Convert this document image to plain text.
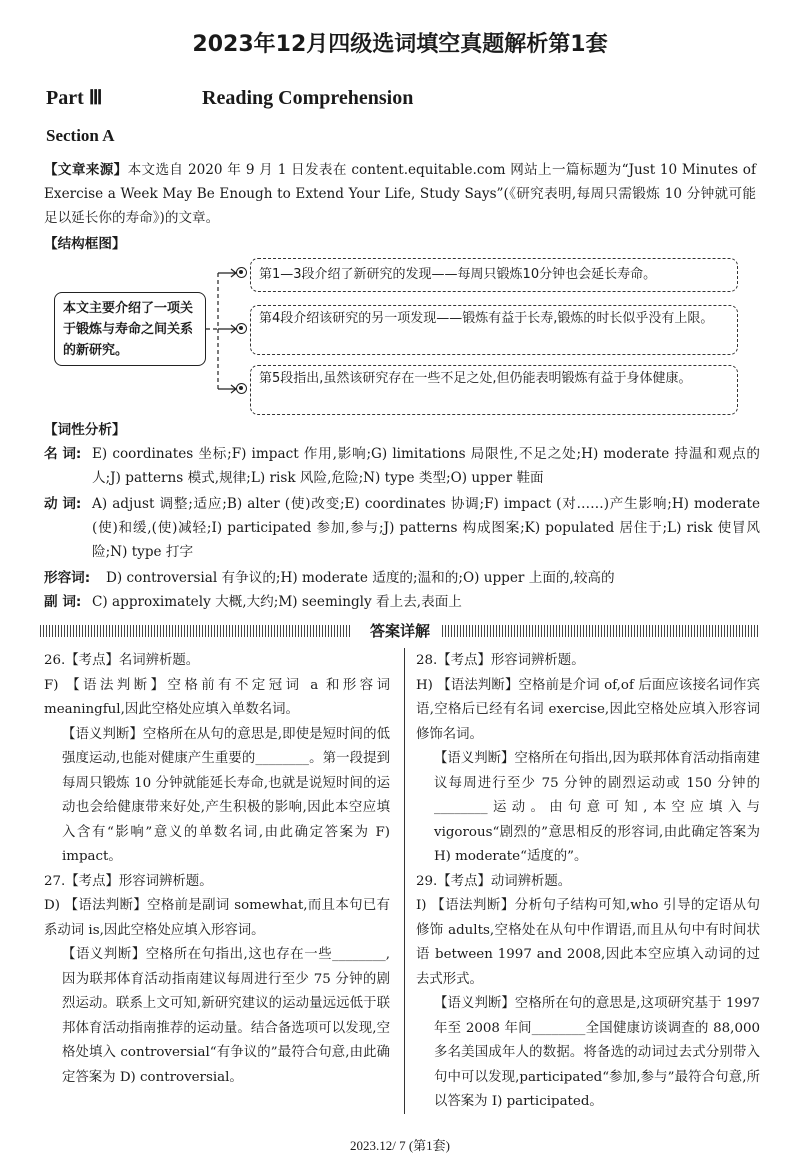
2023年12月四级选词填空真题解析第1套
Part Ⅲ	Reading Comprehension
Section A
【文章来源】本文选自 2020 年 9 月 1 日发表在 content.equitable.com 网站上一篇标题为“Just 10 Minutes of Exercise a Week May Be Enough to Extend Your Life, Study Says”(《研究表明,每周只需锻炼 10 分钟就可能足以延长你的寿命》)的文章。
【结构框图】
本文主要介绍了一项关于锻炼与寿命之间关系的新研究。
第1—3段介绍了新研究的发现——每周只锻炼10分钟也会延长寿命。
第4段介绍该研究的另一项发现——锻炼有益于长寿,锻炼的时长似乎没有上限。
第5段指出,虽然该研究存在一些不足之处,但仍能表明锻炼有益于身体健康。
【词性分析】
名 词: E) coordinates 坐标;F) impact 作用,影响;G) limitations 局限性,不足之处;H) moderate 持温和观点的人;J) patterns 模式,规律;L) risk 风险,危险;N) type 类型;O) upper 鞋面
动 词: A) adjust 调整;适应;B) alter (使)改变;E) coordinates 协调;F) impact (对……)产生影响;H) moderate (使)和缓,(使)减轻;I) participated 参加,参与;J) patterns 构成图案;K) populated 居住于;L) risk 使冒风险;N) type 打字
形容词:	D) controversial 有争议的;H) moderate 适度的;温和的;O) upper 上面的,较高的
副 词: C) approximately 大概,大约;M) seemingly 看上去,表面上
答案详解
26.【考点】名词辨析题。
F) 【语法判断】空格前有不定冠词 a 和形容词 meaningful,因此空格处应填入单数名词。
【语义判断】空格所在从句的意思是,即使是短时间的低强度运动,也能对健康产生重要的________。第一段提到每周只锻炼 10 分钟就能延长寿命,也就是说短时间的运动也会给健康带来好处,产生积极的影响,因此本空应填入含有“影响”意义的单数名词,由此确定答案为 F) impact。
27.【考点】形容词辨析题。
D) 【语法判断】空格前是副词 somewhat,而且本句已有系动词 is,因此空格处应填入形容词。
【语义判断】空格所在句指出,这也存在一些________,因为联邦体育活动指南建议每周进行至少 75 分钟的剧烈运动。联系上文可知,新研究建议的运动量远远低于联邦体育活动指南推荐的运动量。结合备选项可以发现,空格处填入 controversial“有争议的”最符合句意,由此确定答案为 D) controversial。
28.【考点】形容词辨析题。
H) 【语法判断】空格前是介词 of,of 后面应该接名词作宾语,空格后已经有名词 exercise,因此空格处应填入形容词修饰名词。
【语义判断】空格所在句指出,因为联邦体育活动指南建议每周进行至少 75 分钟的剧烈运动或 150 分钟的________运动。由句意可知,本空应填入与 vigorous“剧烈的”意思相反的形容词,由此确定答案为 H) moderate“适度的”。
29.【考点】动词辨析题。
I) 【语法判断】分析句子结构可知,who 引导的定语从句修饰 adults,空格处在从句中作谓语,而且从句中有时间状语 between 1997 and 2008,因此本空应填入动词的过去式形式。
【语义判断】空格所在句的意思是,这项研究基于 1997 年至 2008 年间________全国健康访谈调查的 88,000 多名美国成年人的数据。将备选的动词过去式分别带入句中可以发现,participated“参加,参与”最符合句意,所以答案为 I) participated。
2023.12/ 7 (第1套)
